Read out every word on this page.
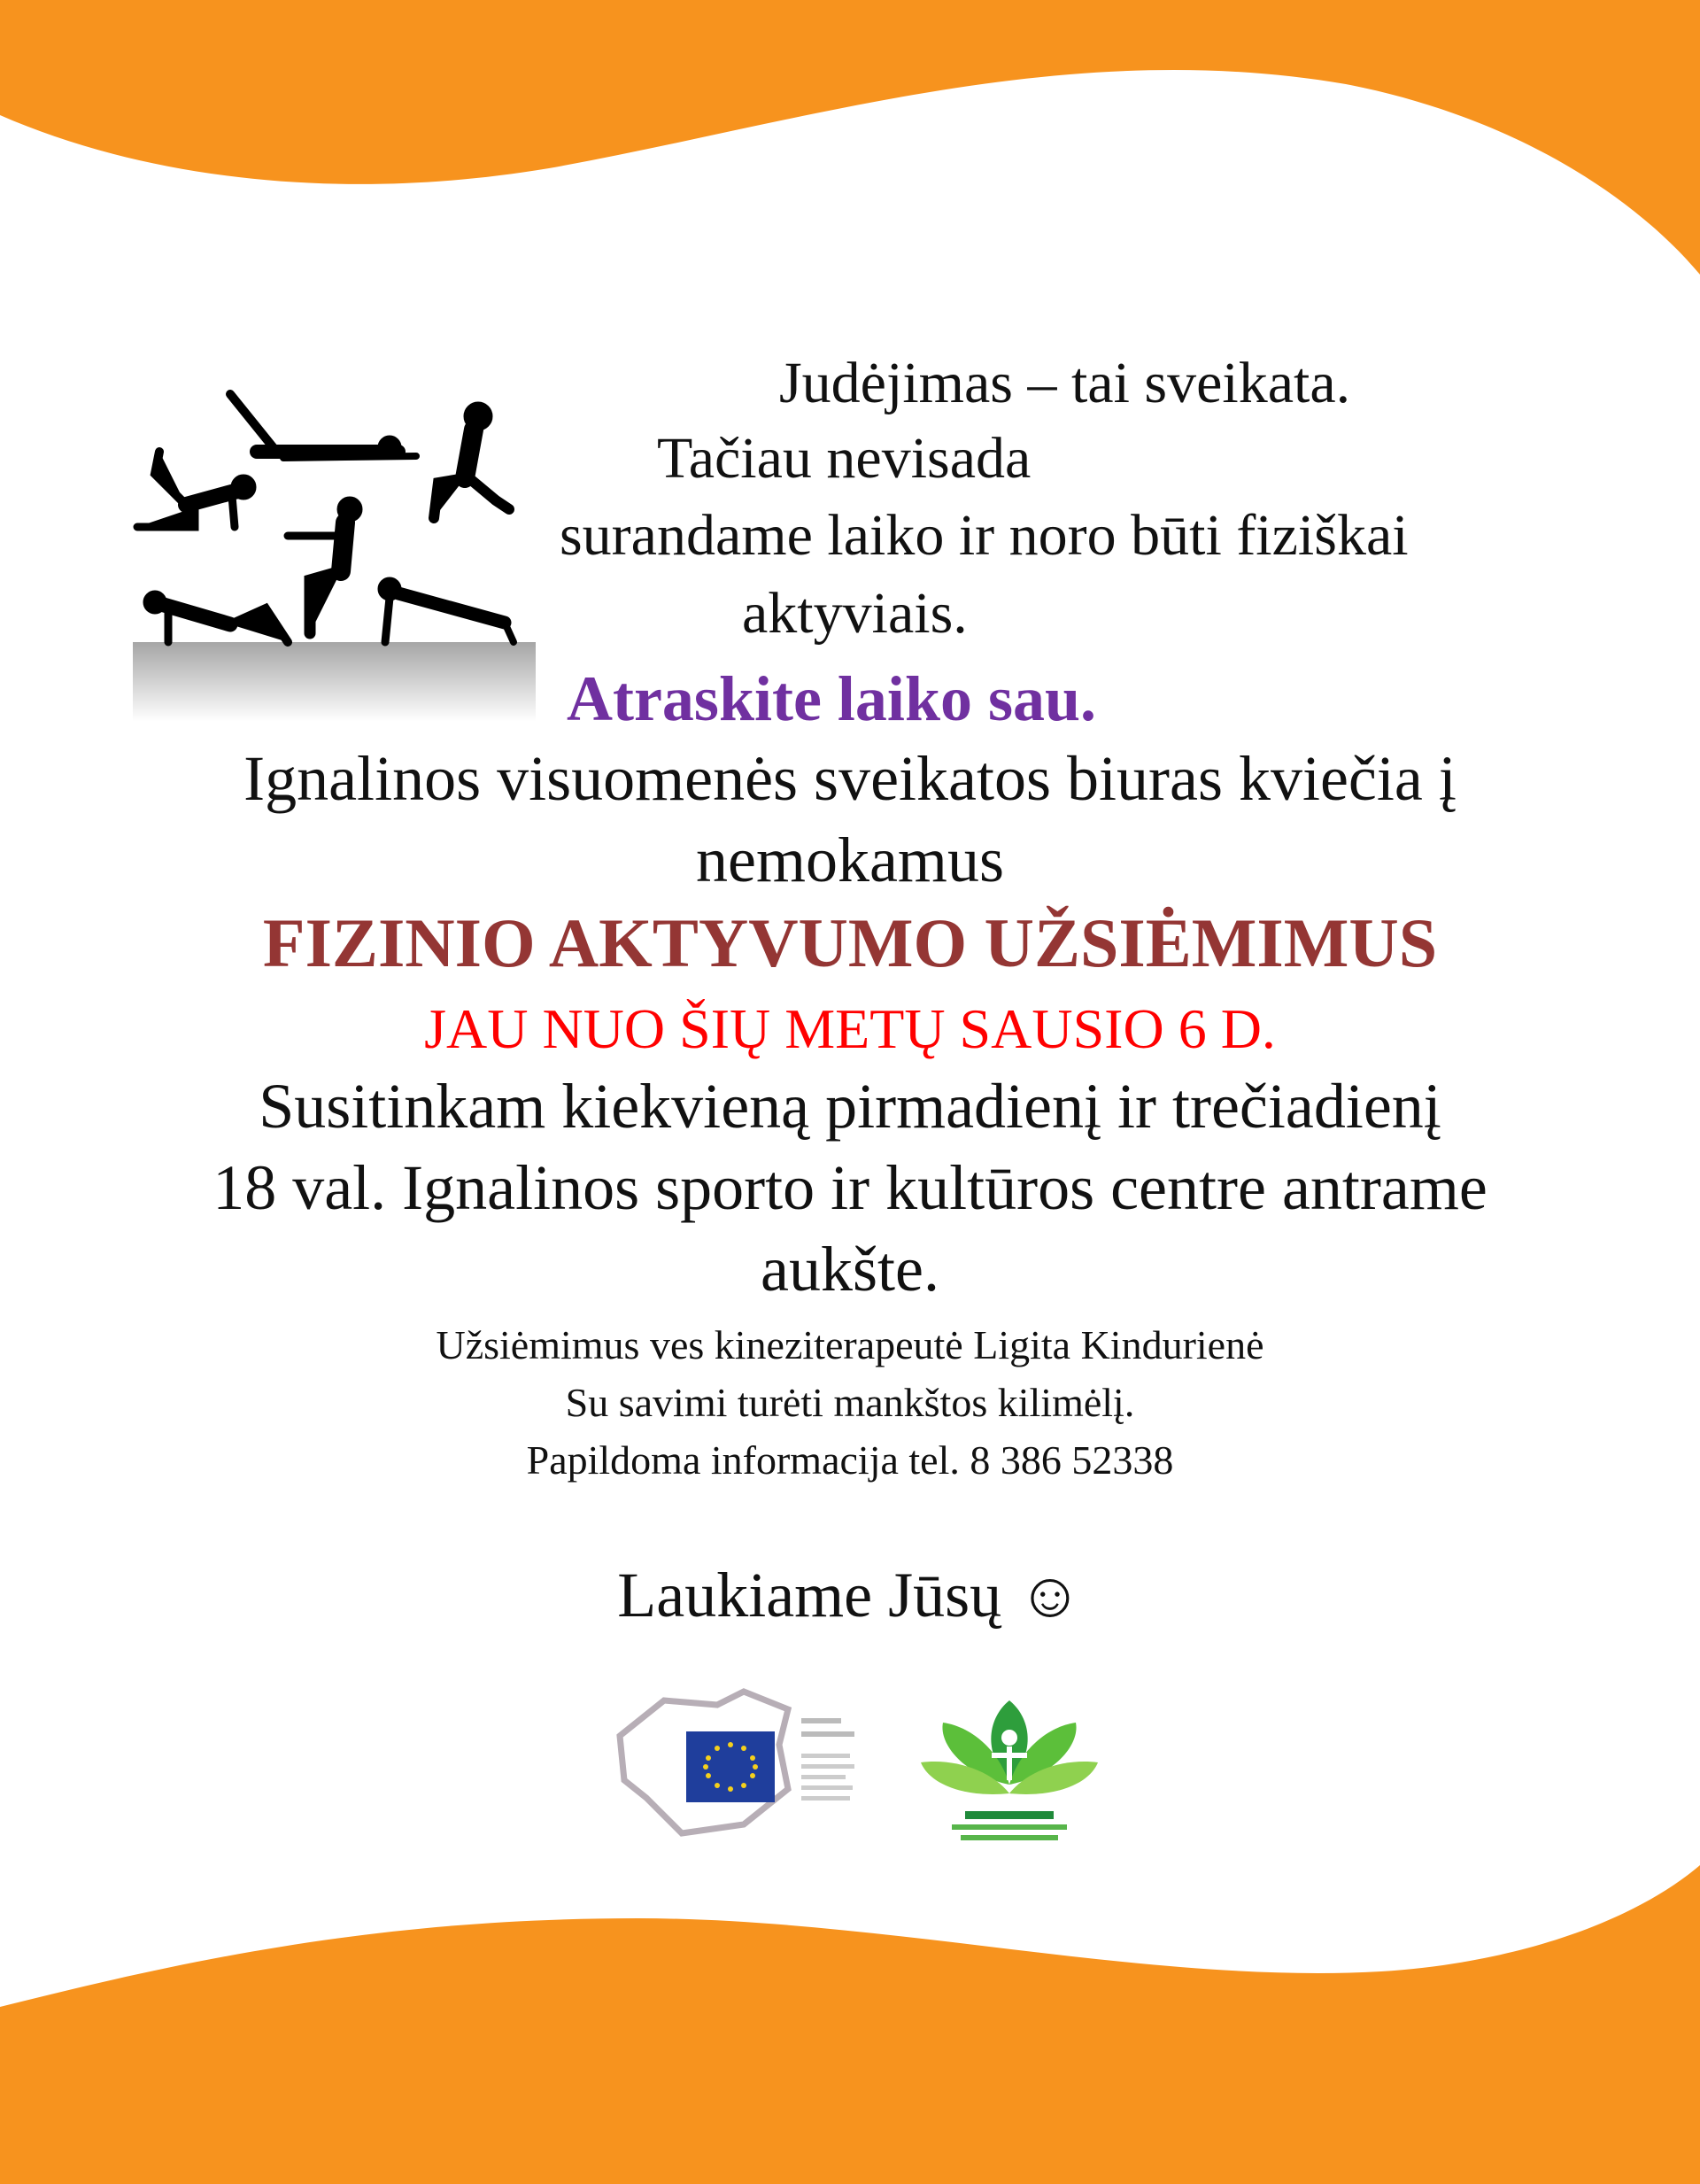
Judėjimas – tai sveikata.
Tačiau nevisada
surandame laiko ir noro būti fiziškai
aktyviais.
Atraskite laiko sau.
Ignalinos visuomenės sveikatos biuras kviečia į
nemokamus
FIZINIO AKTYVUMO UŽSIĖMIMUS
JAU NUO ŠIŲ METŲ SAUSIO 6 D.
Susitinkam kiekvieną pirmadienį ir trečiadienį
18 val. Ignalinos sporto ir kultūros centre antrame
aukšte.
Užsiėmimus ves kineziterapeutė Ligita Kindurienė
Su savimi turėti mankštos kilimėlį.
Papildoma informacija tel. 8 386 52338
Laukiame Jūsų ☺
